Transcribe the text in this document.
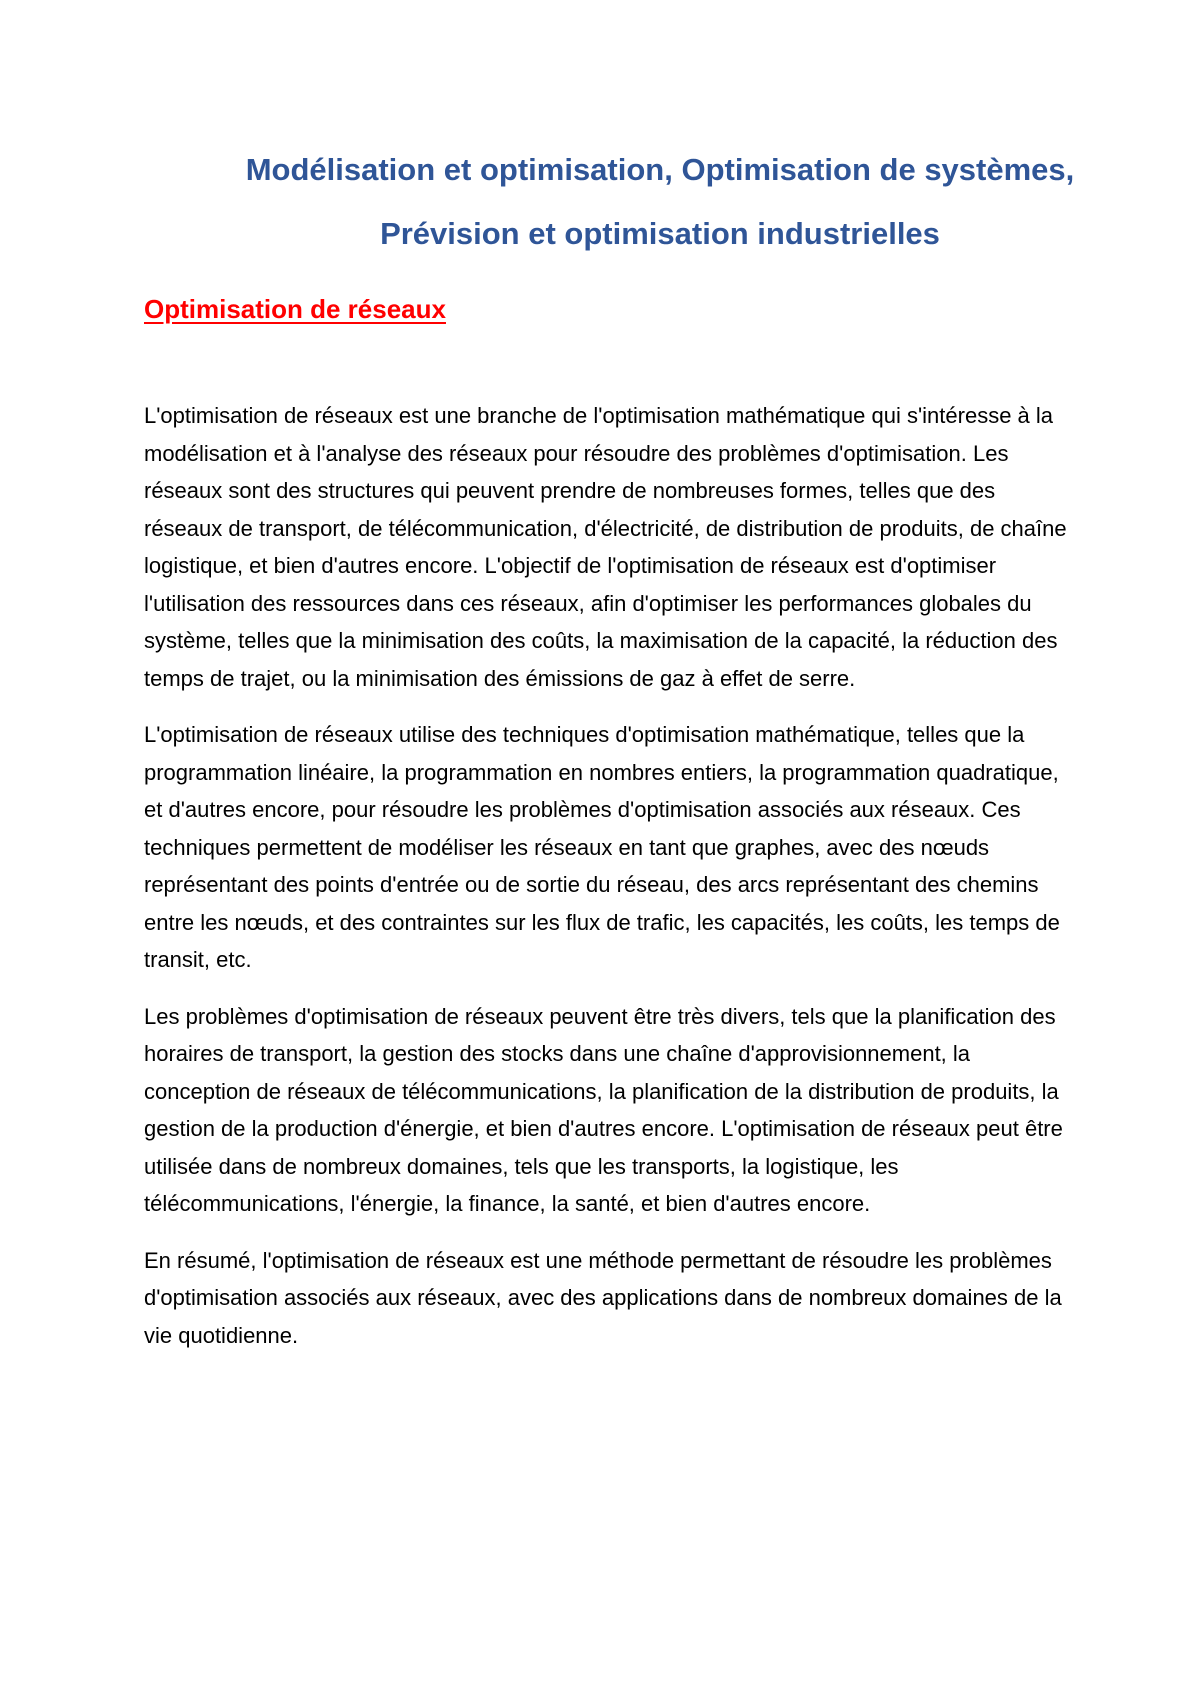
Modélisation et optimisation, Optimisation de systèmes, Prévision et optimisation industrielles
Optimisation de réseaux

L'optimisation de réseaux est une branche de l'optimisation mathématique qui s'intéresse à la modélisation et à l'analyse des réseaux pour résoudre des problèmes d'optimisation. Les réseaux sont des structures qui peuvent prendre de nombreuses formes, telles que des réseaux de transport, de télécommunication, d'électricité, de distribution de produits, de chaîne logistique, et bien d'autres encore. L'objectif de l'optimisation de réseaux est d'optimiser l'utilisation des ressources dans ces réseaux, afin d'optimiser les performances globales du système, telles que la minimisation des coûts, la maximisation de la capacité, la réduction des temps de trajet, ou la minimisation des émissions de gaz à effet de serre.

L'optimisation de réseaux utilise des techniques d'optimisation mathématique, telles que la programmation linéaire, la programmation en nombres entiers, la programmation quadratique, et d'autres encore, pour résoudre les problèmes d'optimisation associés aux réseaux. Ces techniques permettent de modéliser les réseaux en tant que graphes, avec des nœuds représentant des points d'entrée ou de sortie du réseau, des arcs représentant des chemins entre les nœuds, et des contraintes sur les flux de trafic, les capacités, les coûts, les temps de transit, etc.

Les problèmes d'optimisation de réseaux peuvent être très divers, tels que la planification des horaires de transport, la gestion des stocks dans une chaîne d'approvisionnement, la conception de réseaux de télécommunications, la planification de la distribution de produits, la gestion de la production d'énergie, et bien d'autres encore. L'optimisation de réseaux peut être utilisée dans de nombreux domaines, tels que les transports, la logistique, les télécommunications, l'énergie, la finance, la santé, et bien d'autres encore.

En résumé, l'optimisation de réseaux est une méthode permettant de résoudre les problèmes d'optimisation associés aux réseaux, avec des applications dans de nombreux domaines de la vie quotidienne.
